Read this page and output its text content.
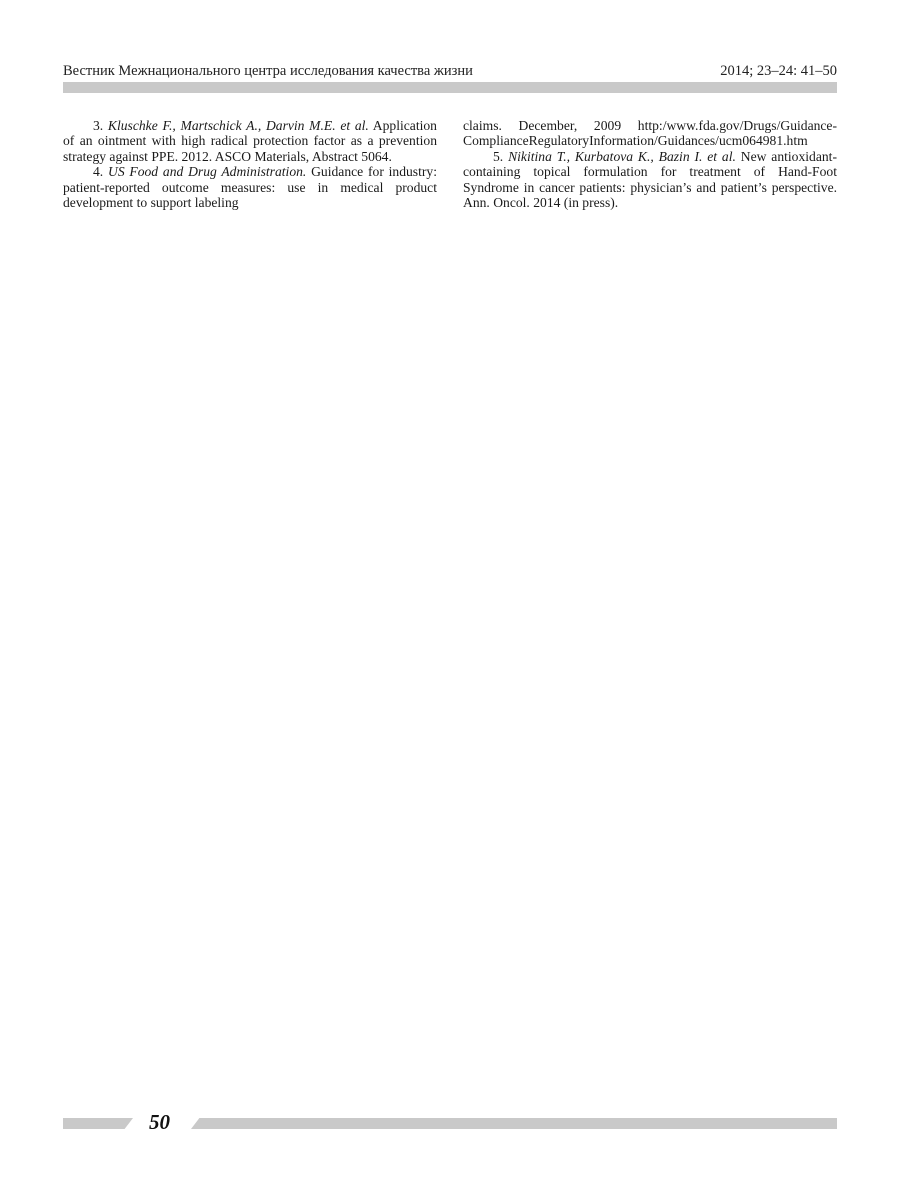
Вестник Межнационального центра исследования качества жизни	2014; 23–24: 41–50

3. Kluschke F., Martschick A., Darvin M.E. et al. Application of an ointment with high radical protection factor as a prevention strategy against PPE. 2012. ASCO Materials, Abstract 5064.

4. US Food and Drug Administration. Guidance for industry: patient-reported outcome measures: use in medical product development to support labeling

claims. December, 2009 http:/www.fda.gov/Drugs/Guidance-ComplianceRegulatoryInformation/Guidances/ucm064981.htm

5. Nikitina T., Kurbatova K., Bazin I. et al. New antioxidant-containing topical formulation for treatment of Hand-Foot Syndrome in cancer patients: physician’s and patient’s perspective. Ann. Oncol. 2014 (in press).

50
